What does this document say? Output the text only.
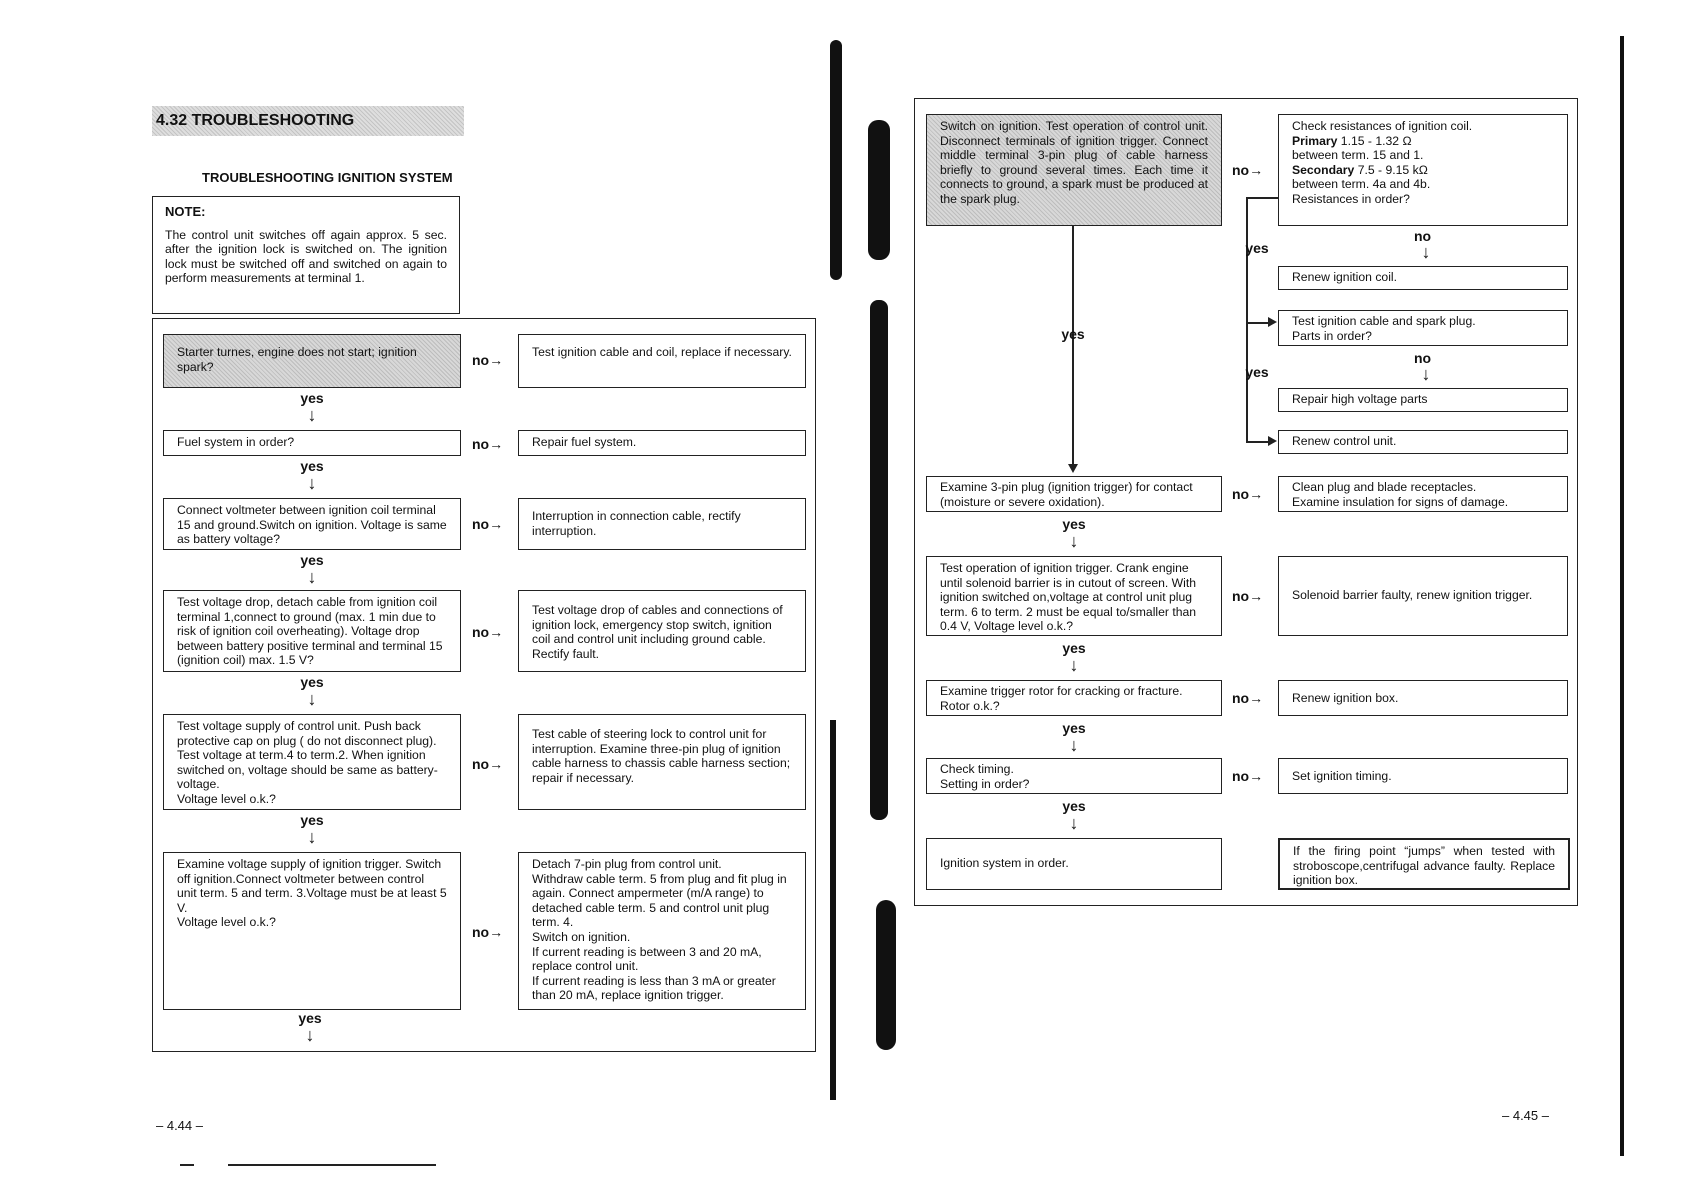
4.32 TROUBLESHOOTING
TROUBLESHOOTING IGNITION SYSTEM
NOTE:
The control unit switches off again approx. 5 sec. after the ignition lock is switched on. The ignition lock must be switched off and switched on again to perform measurements at terminal 1.
Starter turnes, engine does not start; ignition spark?	no→	Test ignition cable and coil, replace if necessary.
yes
↓
Fuel system in order?	no→	Repair fuel system.
yes
↓
Connect voltmeter between ignition coil terminal 15 and ground.Switch on ignition. Voltage is same as battery voltage?
no→	Interruption in connection cable, rectify interruption.
yes
↓
Test voltage drop, detach cable from ignition coil terminal 1,connect to ground (max. 1 min due to risk of ignition coil overheating). Voltage drop between battery positive terminal and terminal 15 (ignition coil) max. 1.5 V?
no→
Test voltage drop of cables and connections of ignition lock, emergency stop switch, ignition coil and control unit including ground cable. Rectify fault.
yes
↓
Test voltage supply of control unit. Push back protective cap on plug ( do not disconnect plug). Test voltage at term.4 to term.2. When ignition switched on, voltage should be same as battery-voltage.
Voltage level o.k.?
no→
Test cable of steering lock to control unit for interruption. Examine three-pin plug of ignition cable harness to chassis cable harness section; repair if necessary.
yes
↓
Examine voltage supply of ignition trigger. Switch off ignition.Connect voltmeter between control unit term. 5 and term. 3.Voltage must be at least 5 V.
Voltage level o.k.?
no→
Detach 7-pin plug from control unit.
Withdraw cable term. 5 from plug and fit plug in again. Connect ampermeter (m/A range) to detached cable term. 5 and control unit plug term. 4.
Switch on ignition.
If current reading is between 3 and 20 mA, replace control unit.
If current reading is less than 3 mA or greater than 20 mA, replace ignition trigger.
yes
↓
– 4.44 –
Switch on ignition. Test operation of control unit. Disconnect terminals of ignition trigger. Connect middle terminal 3-pin plug of cable harness briefly to ground several times. Each time it connects to ground, a spark must be produced at the spark plug.
no→
Check resistances of ignition coil.
Primary 1.15 - 1.32 Ω
between term. 15 and 1.
Secondary 7.5 - 9.15 kΩ
between term. 4a and 4b.
Resistances in order?
no
↓
Renew ignition coil.
yes
yes
Test ignition cable and spark plug.
Parts in order?
no
↓
Repair high voltage parts
Renew control unit.
yes
Examine 3-pin plug (ignition trigger) for contact (moisture or severe oxidation).	no→	Clean plug and blade receptacles.
Examine insulation for signs of damage.
yes
↓
Test operation of ignition trigger. Crank engine until solenoid barrier is in cutout of screen. With ignition switched on,voltage at control unit plug term. 6 to term. 2 must be equal to/smaller than 0.4 V, Voltage level o.k.?
no→	Solenoid barrier faulty, renew ignition trigger.
yes
↓
Examine trigger rotor for cracking or fracture. Rotor o.k.?	no→	Renew ignition box.
yes
↓
Check timing.
Setting in order?	no→	Set ignition timing.
yes
↓
Ignition system in order.
If the firing point “jumps” when tested with stroboscope,centrifugal advance faulty. Replace ignition box.
– 4.45 –
